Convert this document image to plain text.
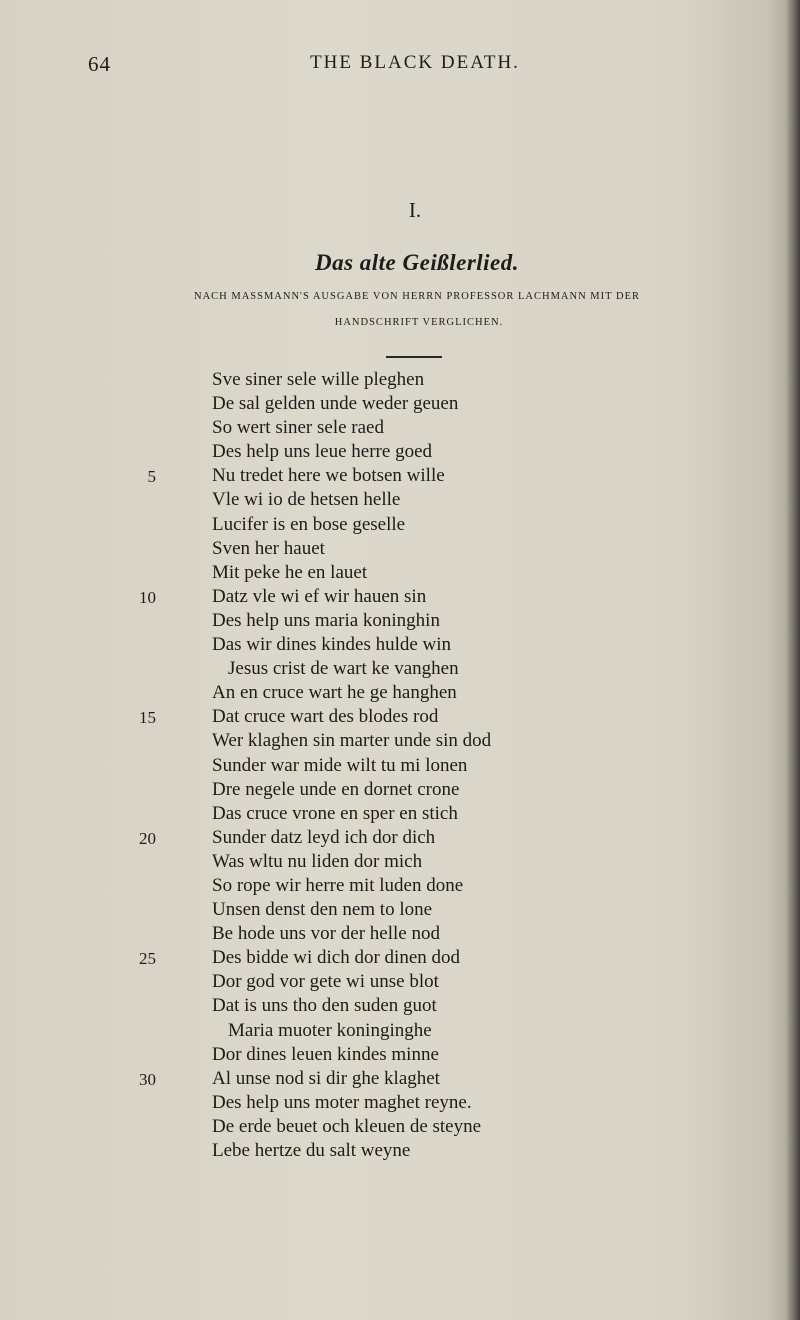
64	THE BLACK DEATH.
I.
Das alte Geißlerlied.
NACH MASSMANN'S AUSGABE VON HERRN PROFESSOR LACHMANN MIT DER
HANDSCHRIFT VERGLICHEN.
Sve siner sele wille pleghen
De sal gelden unde weder geuen
So wert siner sele raed
Des help uns leue herre goed
5	Nu tredet here we botsen wille
Vle wi io de hetsen helle
Lucifer is en bose geselle
Sven her hauet
Mit peke he en lauet
10	Datz vle wi ef wir hauen sin
Des help uns maria koninghin
Das wir dines kindes hulde win
Jesus crist de wart ke vanghen
An en cruce wart he ge hanghen
15	Dat cruce wart des blodes rod
Wer klaghen sin marter unde sin dod
Sunder war mide wilt tu mi lonen
Dre negele unde en dornet crone
Das cruce vrone en sper en stich
20	Sunder datz leyd ich dor dich
Was wltu nu liden dor mich
So rope wir herre mit luden done
Unsen denst den nem to lone
Be hode uns vor der helle nod
25	Des bidde wi dich dor dinen dod
Dor god vor gete wi unse blot
Dat is uns tho den suden guot
Maria muoter koninginghe
Dor dines leuen kindes minne
30	Al unse nod si dir ghe klaghet
Des help uns moter maghet reyne.
De erde beuet och kleuen de steyne
Lebe hertze du salt weyne
